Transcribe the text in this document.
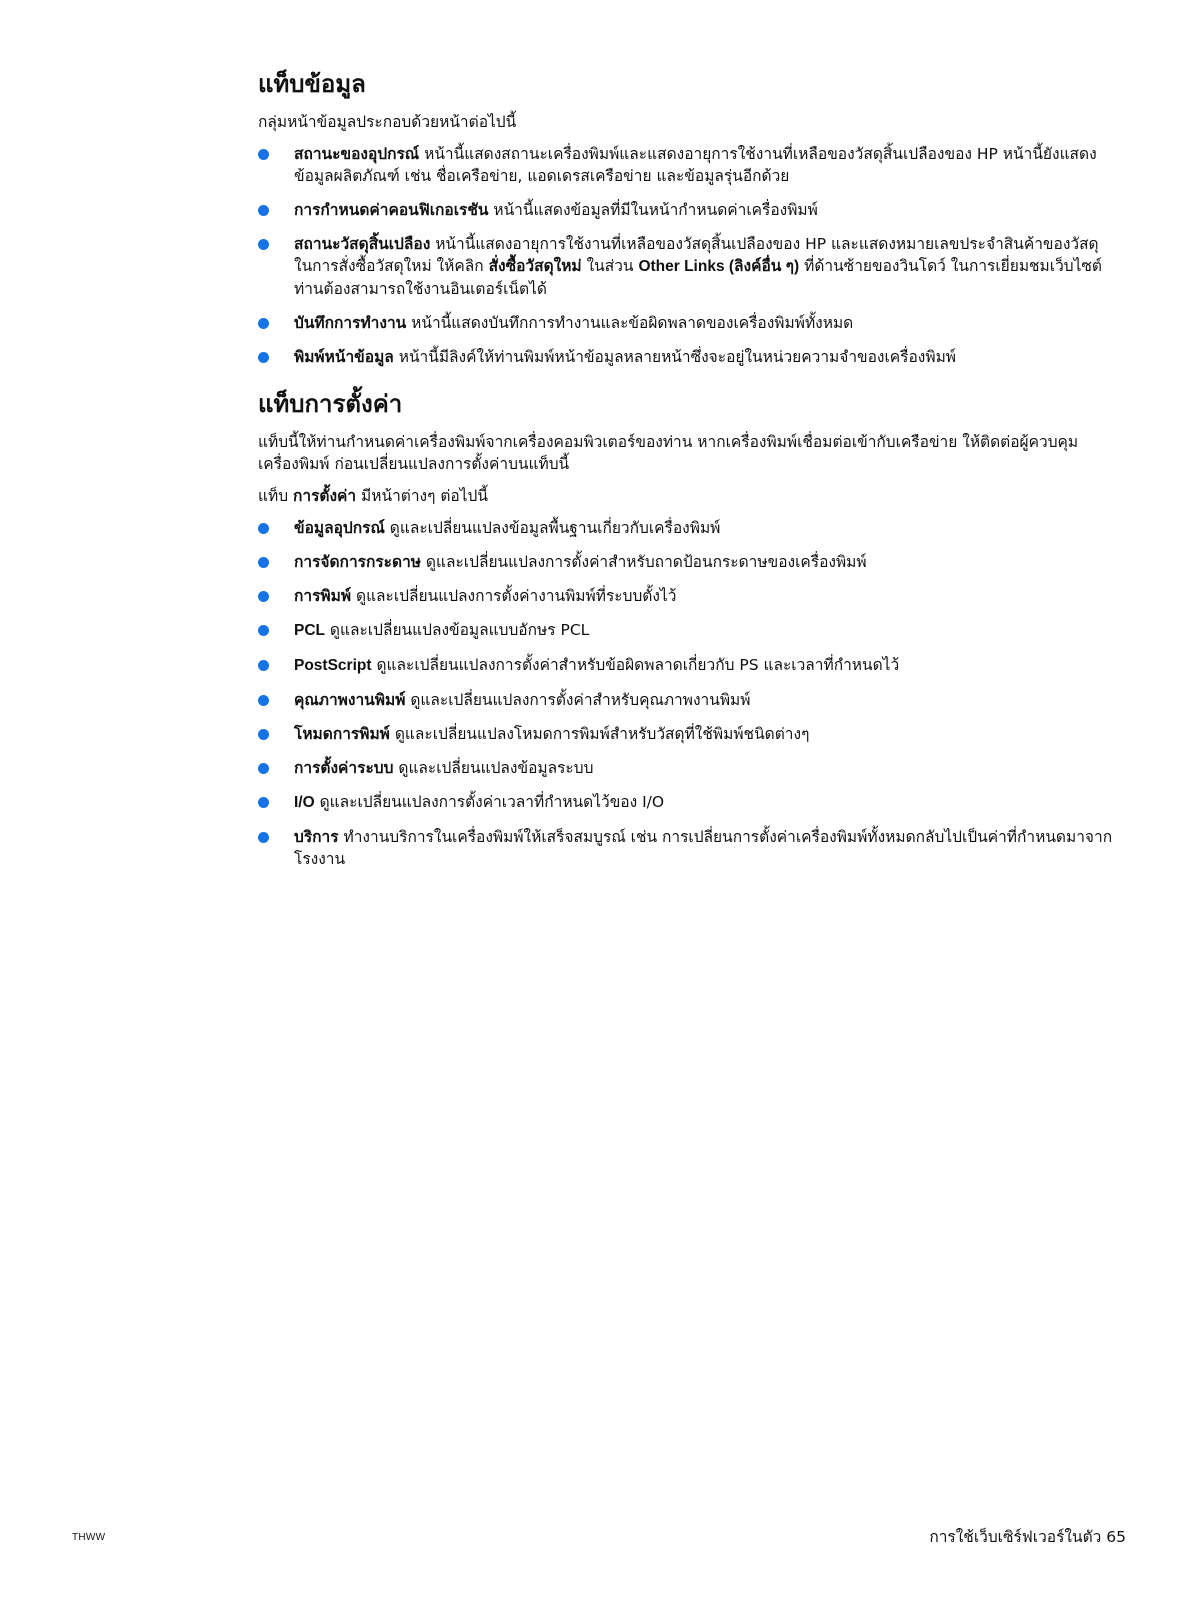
แท็บข้อมูล

กลุ่มหน้าข้อมูลประกอบด้วยหน้าต่อไปนี้

สถานะของอุปกรณ์ หน้านี้แสดงสถานะเครื่องพิมพ์และแสดงอายุการใช้งานที่เหลือของวัสดุสิ้นเปลืองของ HP หน้านี้ยังแสดงข้อมูลผลิตภัณฑ์ เช่น ชื่อเครือข่าย, แอดเดรสเครือข่าย และข้อมูลรุ่นอีกด้วย
การกำหนดค่าคอนฟิเกอเรชัน หน้านี้แสดงข้อมูลที่มีในหน้ากำหนดค่าเครื่องพิมพ์
สถานะวัสดุสิ้นเปลือง หน้านี้แสดงอายุการใช้งานที่เหลือของวัสดุสิ้นเปลืองของ HP และแสดงหมายเลขประจำสินค้าของวัสดุ ในการสั่งซื้อวัสดุใหม่ ให้คลิก สั่งซื้อวัสดุใหม่ ในส่วน Other Links (ลิงค์อื่น ๆ) ที่ด้านซ้ายของวินโดว์ ในการเยี่ยมชมเว็บไซต์ ท่านต้องสามารถใช้งานอินเตอร์เน็ตได้
บันทึกการทำงาน หน้านี้แสดงบันทึกการทำงานและข้อผิดพลาดของเครื่องพิมพ์ทั้งหมด
พิมพ์หน้าข้อมูล หน้านี้มีลิงค์ให้ท่านพิมพ์หน้าข้อมูลหลายหน้าซึ่งจะอยู่ในหน่วยความจำของเครื่องพิมพ์
แท็บการตั้งค่า

แท็บนี้ให้ท่านกำหนดค่าเครื่องพิมพ์จากเครื่องคอมพิวเตอร์ของท่าน หากเครื่องพิมพ์เชื่อมต่อเข้ากับเครือข่าย ให้ติดต่อผู้ควบคุมเครื่องพิมพ์ ก่อนเปลี่ยนแปลงการตั้งค่าบนแท็บนี้

แท็บ การตั้งค่า มีหน้าต่างๆ ต่อไปนี้

ข้อมูลอุปกรณ์ ดูและเปลี่ยนแปลงข้อมูลพื้นฐานเกี่ยวกับเครื่องพิมพ์
การจัดการกระดาษ ดูและเปลี่ยนแปลงการตั้งค่าสำหรับถาดป้อนกระดาษของเครื่องพิมพ์
การพิมพ์ ดูและเปลี่ยนแปลงการตั้งค่างานพิมพ์ที่ระบบตั้งไว้
PCL ดูและเปลี่ยนแปลงข้อมูลแบบอักษร PCL
PostScript ดูและเปลี่ยนแปลงการตั้งค่าสำหรับข้อผิดพลาดเกี่ยวกับ PS และเวลาที่กำหนดไว้
คุณภาพงานพิมพ์ ดูและเปลี่ยนแปลงการตั้งค่าสำหรับคุณภาพงานพิมพ์
โหมดการพิมพ์ ดูและเปลี่ยนแปลงโหมดการพิมพ์สำหรับวัสดุที่ใช้พิมพ์ชนิดต่างๆ
การตั้งค่าระบบ ดูและเปลี่ยนแปลงข้อมูลระบบ
I/O ดูและเปลี่ยนแปลงการตั้งค่าเวลาที่กำหนดไว้ของ I/O
บริการ ทำงานบริการในเครื่องพิมพ์ให้เสร็จสมบูรณ์ เช่น การเปลี่ยนการตั้งค่าเครื่องพิมพ์ทั้งหมดกลับไปเป็นค่าที่กำหนดมาจากโรงงาน
THWW	การใช้เว็บเซิร์ฟเวอร์ในตัว 65
